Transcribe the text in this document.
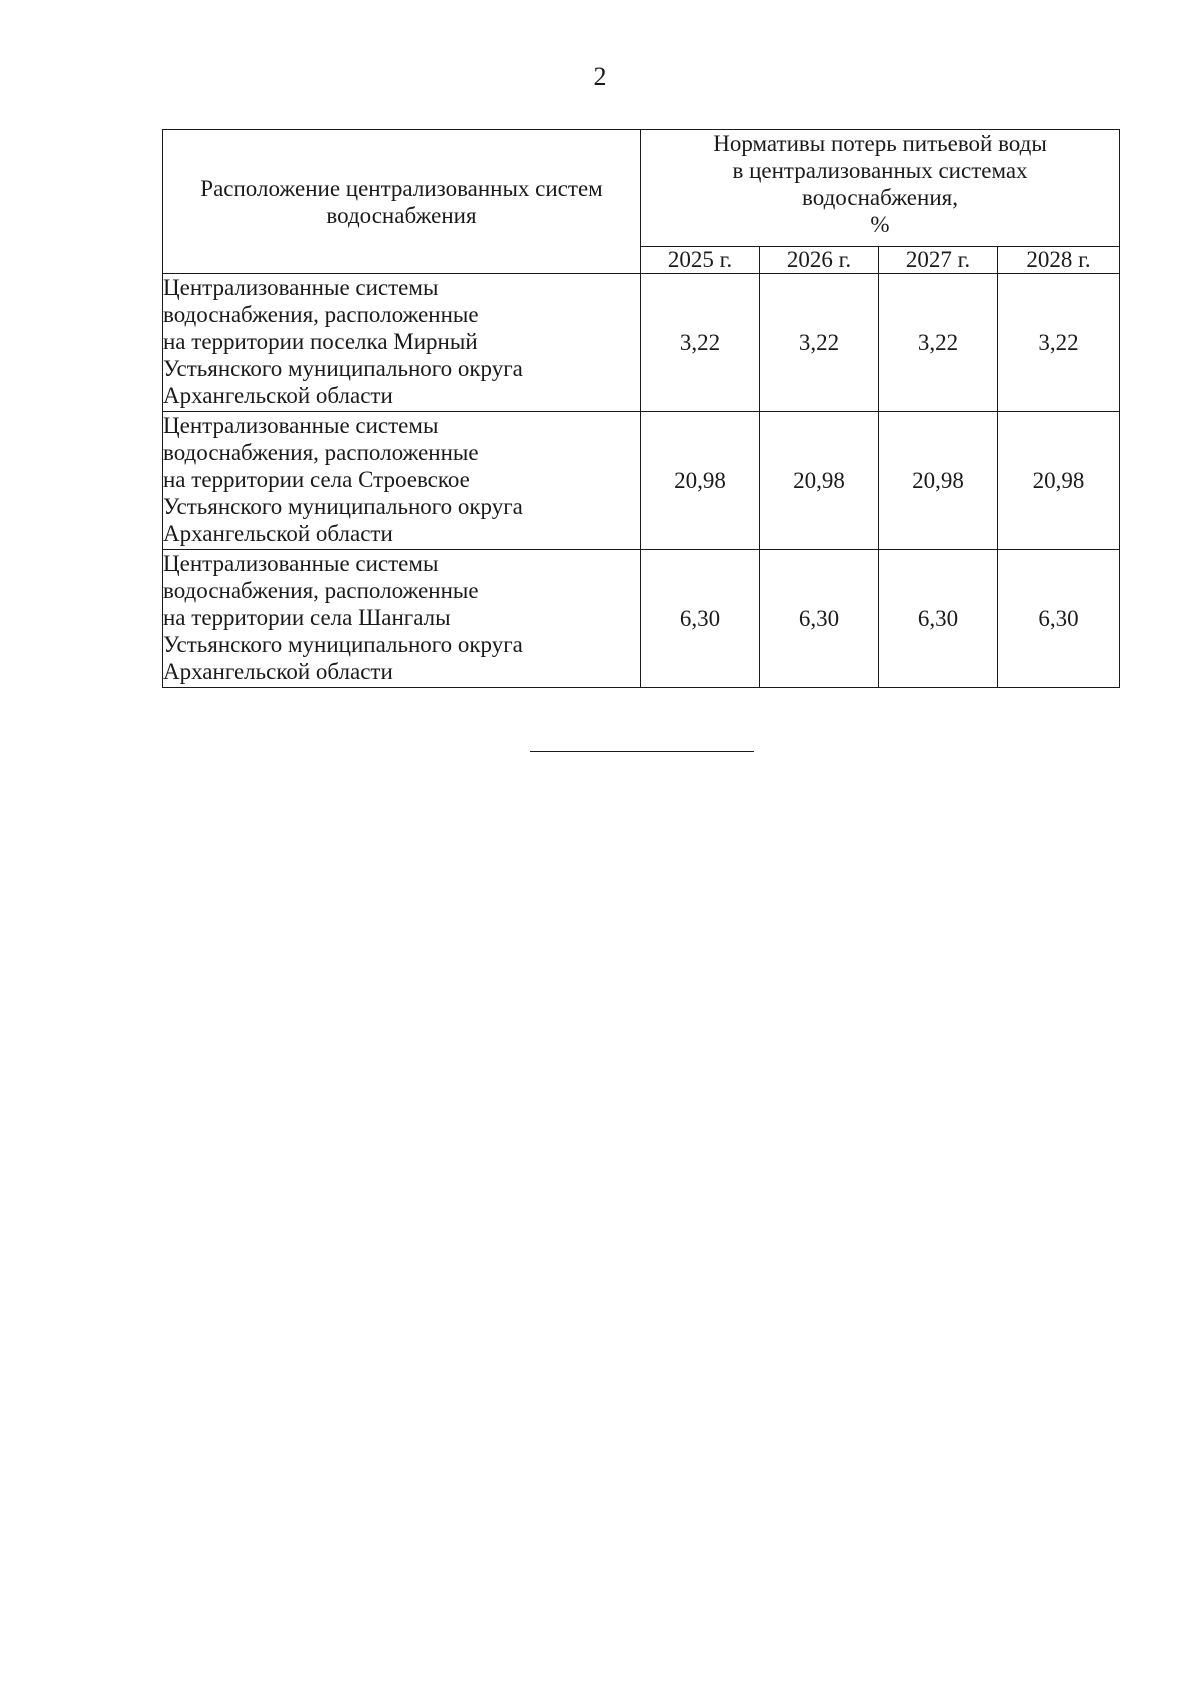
2
Расположение централизованных систем водоснабжения	Нормативы потерь питьевой воды
в централизованных системах
водоснабжения,
%			

	2025 г.	2026 г.	2027 г.	2028 г.

Централизованные системы
водоснабжения, расположенные
на территории поселка Мирный
Устьянского муниципального округа
Архангельской области	3,22	3,22	3,22	3,22

Централизованные системы
водоснабжения, расположенные
на территории села Строевское
Устьянского муниципального округа
Архангельской области	20,98	20,98	20,98	20,98

Централизованные системы
водоснабжения, расположенные
на территории села Шангалы
Устьянского муниципального округа
Архангельской области	6,30	6,30	6,30	6,30
